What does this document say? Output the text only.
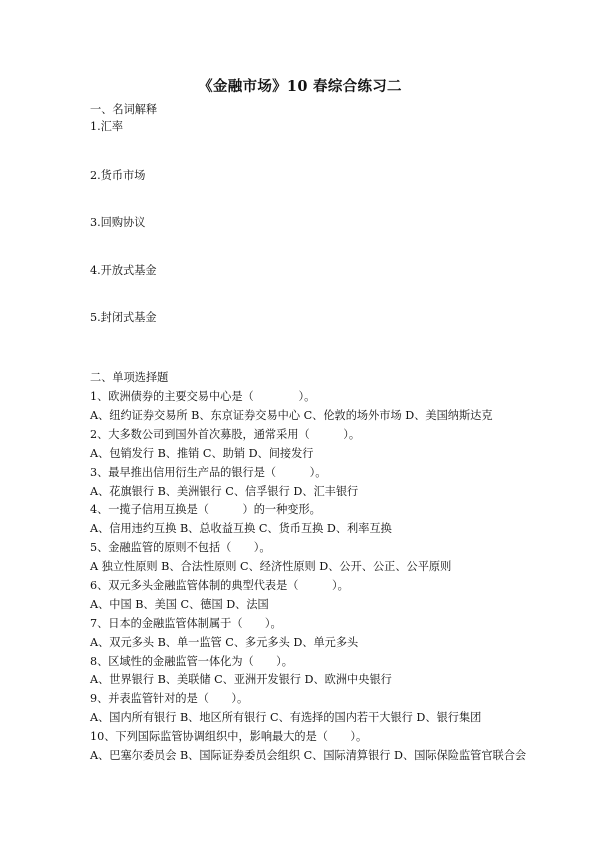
《金融市场》10 春综合练习二
一、名词解释
1.汇率
2.货币市场
3.回购协议
4.开放式基金
5.封闭式基金
二、单项选择题
1、欧洲债券的主要交易中心是（　　　　）。
A、纽约证券交易所 B、东京证券交易中心 C、伦敦的场外市场 D、美国纳斯达克
2、大多数公司到国外首次募股，通常采用（　　　）。
A、包销发行 B、推销 C、助销 D、间接发行
3、最早推出信用衍生产品的银行是（　　　）。
A、花旗银行 B、美洲银行 C、信孚银行 D、汇丰银行
4、一揽子信用互换是（　　　）的一种变形。
A、信用违约互换 B、总收益互换 C、货币互换 D、利率互换
5、金融监管的原则不包括（　　）。
A 独立性原则 B、合法性原则 C、经济性原则 D、公开、公正、公平原则
6、双元多头金融监管体制的典型代表是（　　　）。
A、中国 B、美国 C、德国 D、法国
7、日本的金融监管体制属于（　　）。
A、双元多头 B、单一监管 C、多元多头 D、单元多头
8、区域性的金融监管一体化为（　　）。
A、世界银行 B、美联储 C、亚洲开发银行 D、欧洲中央银行
9、并表监管针对的是（　　）。
A、国内所有银行 B、地区所有银行 C、有选择的国内若干大银行 D、银行集团
10、下列国际监管协调组织中，影响最大的是（　　）。
A、巴塞尔委员会 B、国际证券委员会组织 C、国际清算银行 D、国际保险监管官联合会
